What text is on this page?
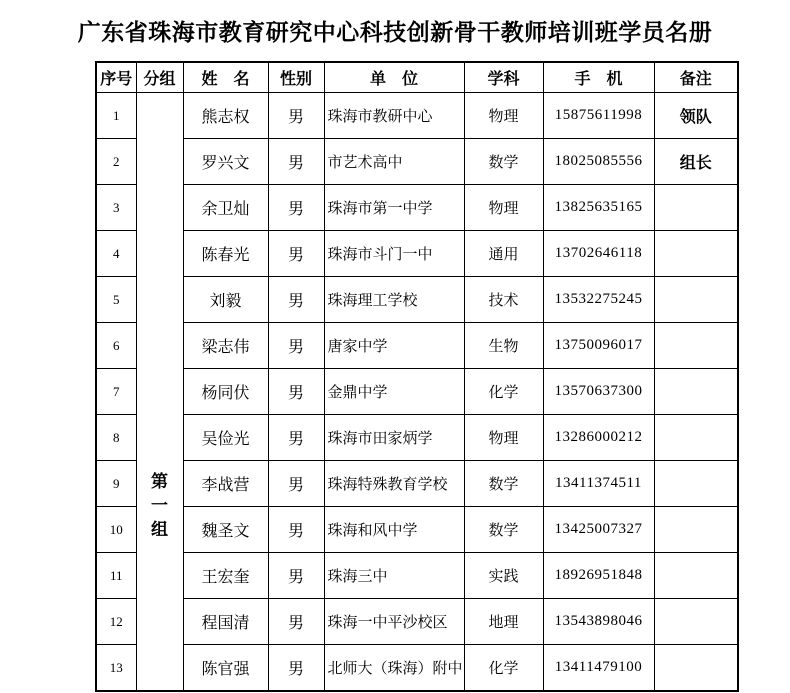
广东省珠海市教育研究中心科技创新骨干教师培训班学员名册
序号	分组	姓　名	性别	单　位	学科	手　机	备注
1	第一组	熊志权	男	珠海市教研中心	物理	15875611998	领队
2		罗兴文	男	市艺术高中	数学	18025085556	组长
3		余卫灿	男	珠海市第一中学	物理	13825635165	
4		陈春光	男	珠海市斗门一中	通用	13702646118	
5		刘毅	男	珠海理工学校	技术	13532275245	
6		梁志伟	男	唐家中学	生物	13750096017	
7		杨同伏	男	金鼎中学	化学	13570637300	
8		吴俭光	男	珠海市田家炳学	物理	13286000212	
9		李战营	男	珠海特殊教育学校	数学	13411374511	
10		魏圣文	男	珠海和风中学	数学	13425007327	
11		王宏奎	男	珠海三中	实践	18926951848	
12		程国清	男	珠海一中平沙校区	地理	13543898046	
13		陈官强	男	北师大（珠海）附中	化学	13411479100	
